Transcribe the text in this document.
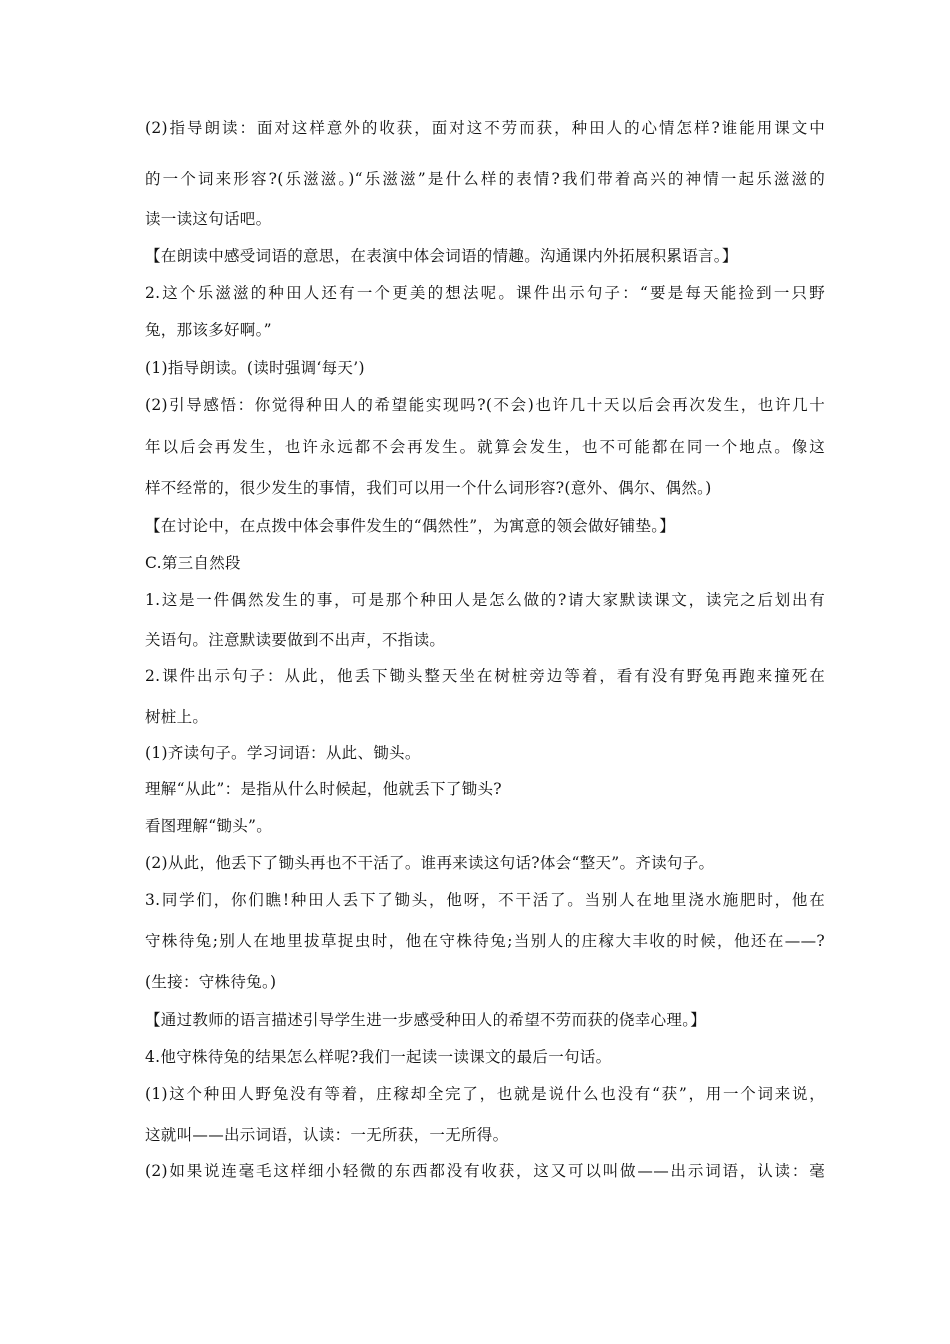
(2)指导朗读：面对这样意外的收获，面对这不劳而获，种田人的心情怎样?谁能用课文中
的一个词来形容?(乐滋滋。)“乐滋滋”是什么样的表情?我们带着高兴的神情一起乐滋滋的
读一读这句话吧。
【在朗读中感受词语的意思，在表演中体会词语的情趣。沟通课内外拓展积累语言。】
2.这个乐滋滋的种田人还有一个更美的想法呢。课件出示句子：“要是每天能捡到一只野
兔，那该多好啊。”
(1)指导朗读。(读时强调‘每天’)
(2)引导感悟：你觉得种田人的希望能实现吗?(不会)也许几十天以后会再次发生，也许几十
年以后会再发生，也许永远都不会再发生。就算会发生，也不可能都在同一个地点。像这
样不经常的，很少发生的事情，我们可以用一个什么词形容?(意外、偶尔、偶然。)
【在讨论中，在点拨中体会事件发生的“偶然性”，为寓意的领会做好铺垫。】
C.第三自然段
1.这是一件偶然发生的事，可是那个种田人是怎么做的?请大家默读课文，读完之后划出有
关语句。注意默读要做到不出声，不指读。
2.课件出示句子：从此，他丢下锄头整天坐在树桩旁边等着，看有没有野兔再跑来撞死在
树桩上。
(1)齐读句子。学习词语：从此、锄头。
理解“从此”：是指从什么时候起，他就丢下了锄头?
看图理解“锄头”。
(2)从此，他丢下了锄头再也不干活了。谁再来读这句话?体会“整天”。齐读句子。
3.同学们，你们瞧!种田人丢下了锄头，他呀，不干活了。当别人在地里浇水施肥时，他在
守株待兔;别人在地里拔草捉虫时，他在守株待兔;当别人的庄稼大丰收的时候，他还在——?
(生接：守株待兔。)
【通过教师的语言描述引导学生进一步感受种田人的希望不劳而获的侥幸心理。】
4.他守株待兔的结果怎么样呢?我们一起读一读课文的最后一句话。
(1)这个种田人野兔没有等着，庄稼却全完了，也就是说什么也没有“获”，用一个词来说，
这就叫——出示词语，认读：一无所获，一无所得。
(2)如果说连毫毛这样细小轻微的东西都没有收获，这又可以叫做——出示词语，认读：毫
